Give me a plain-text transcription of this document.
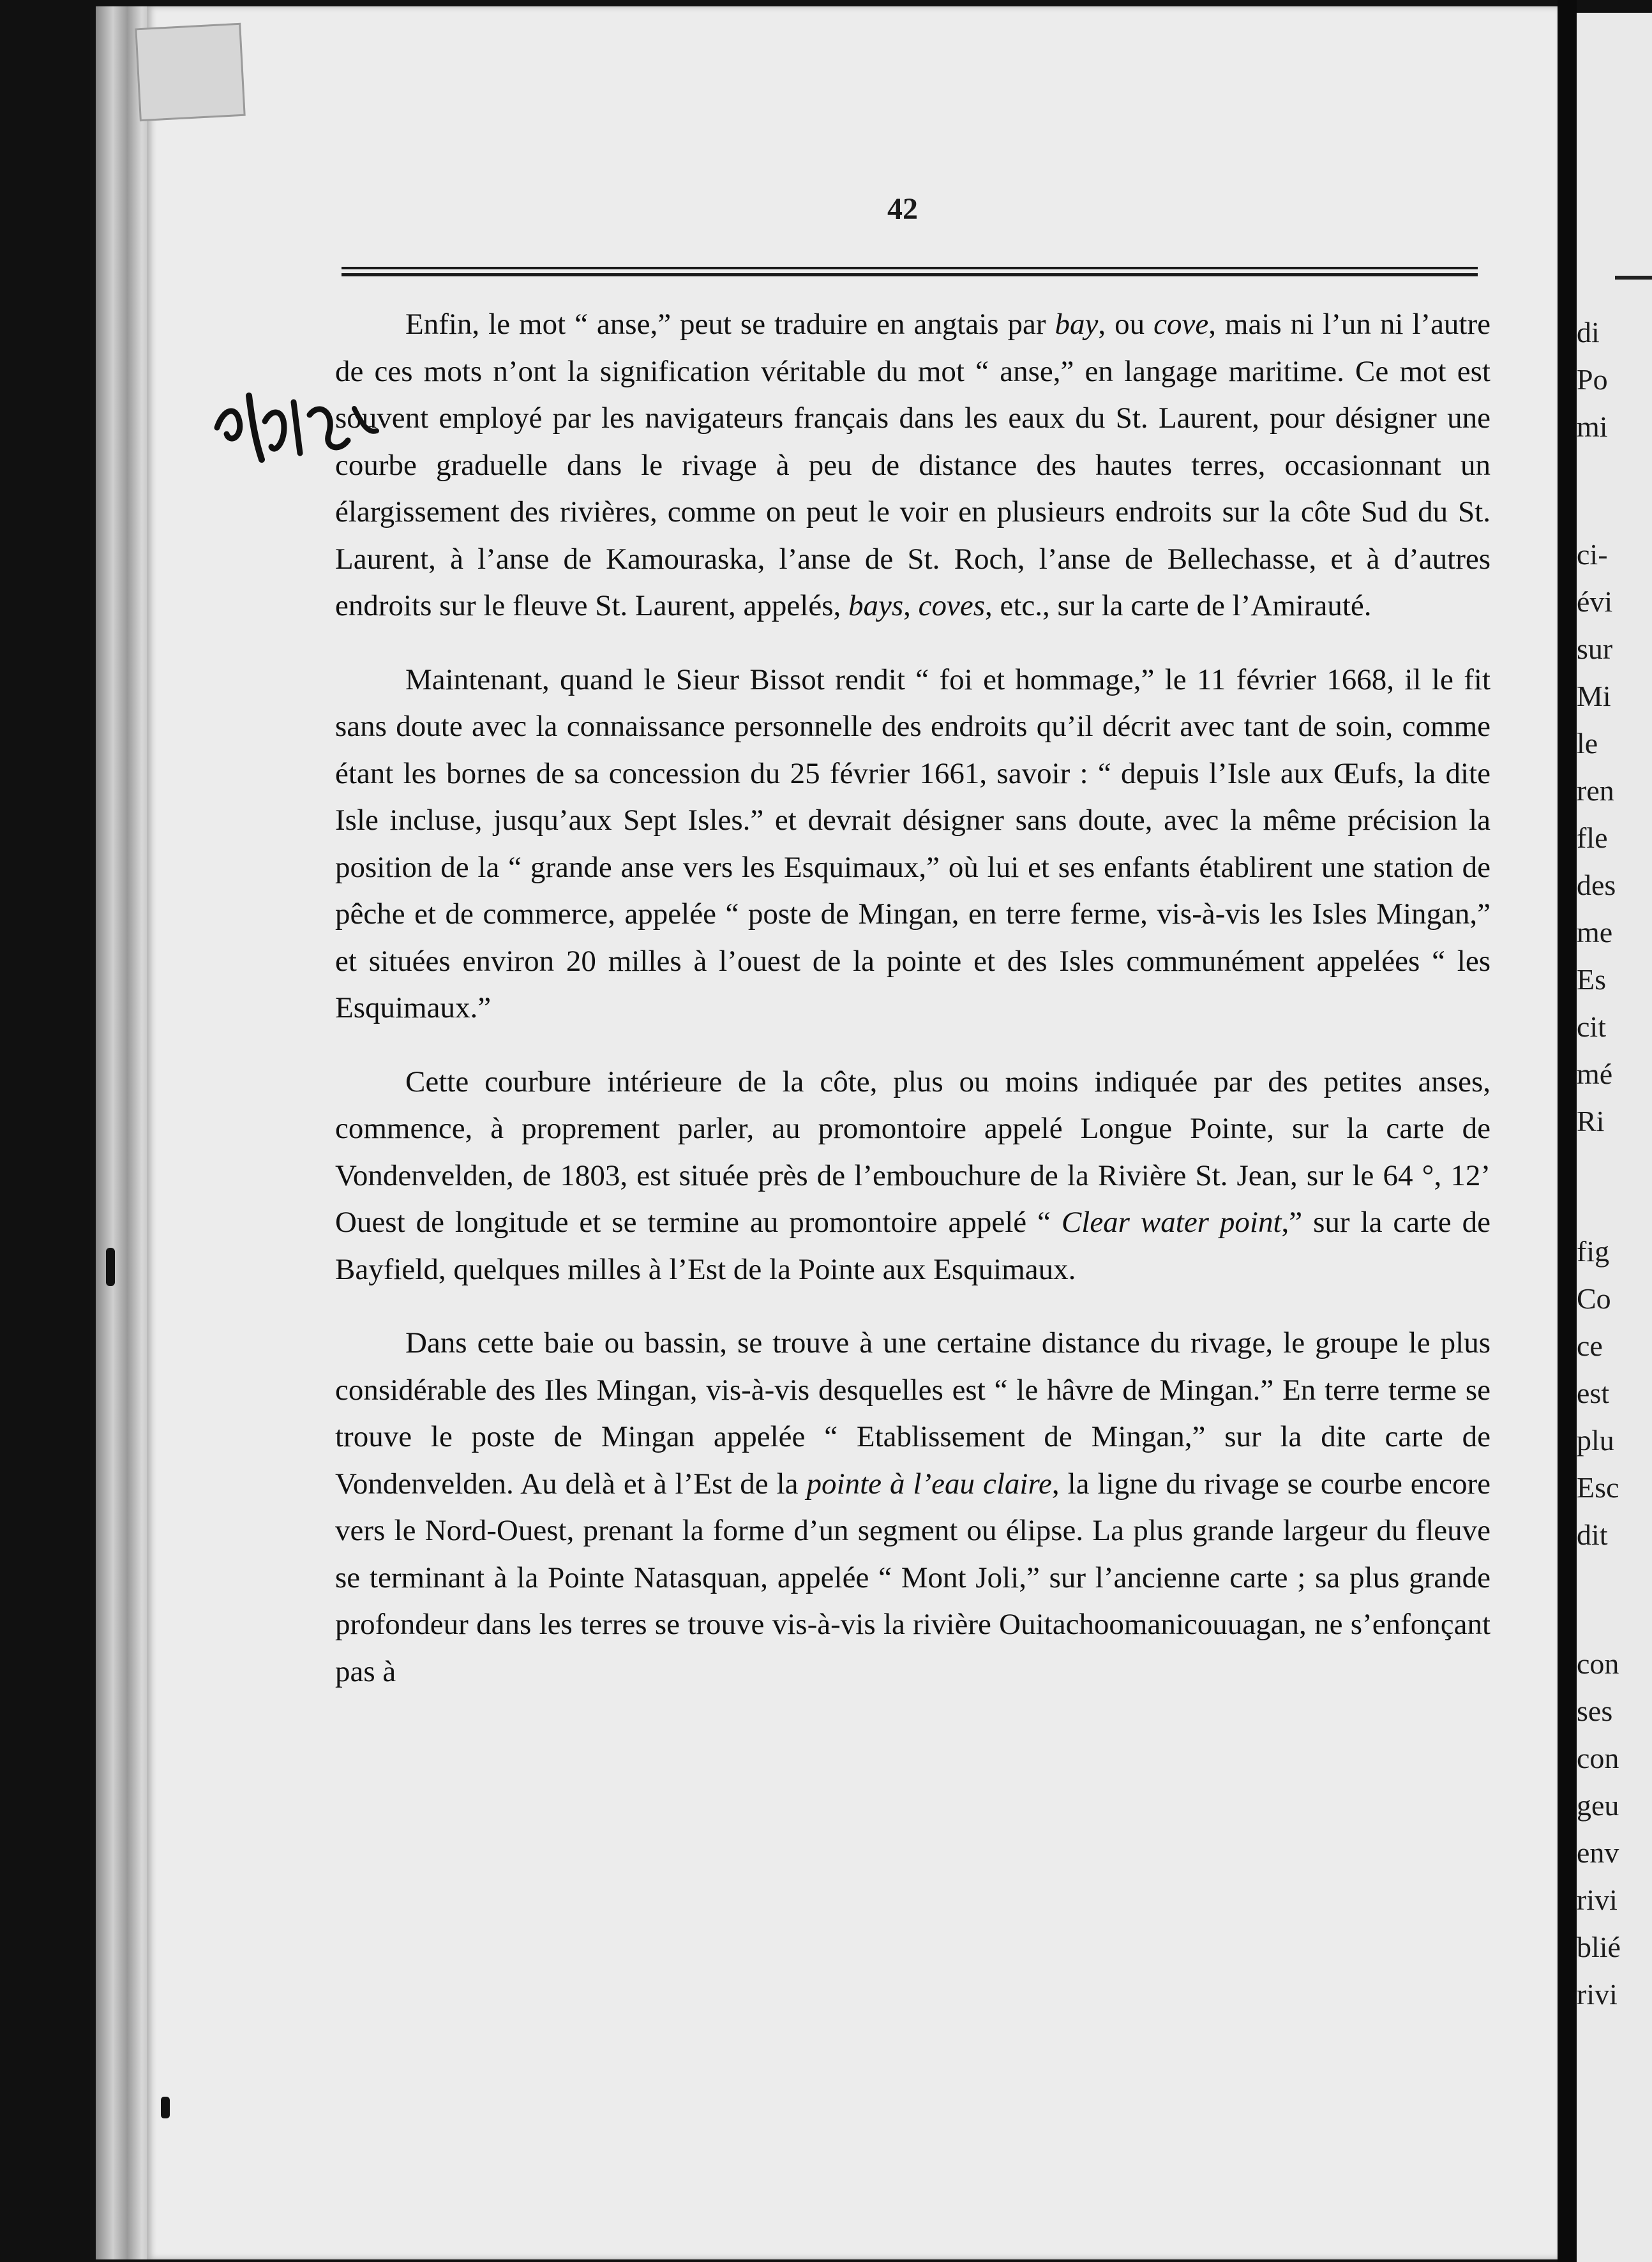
di
Po
mi
ci-
évi
sur
Mi
le
ren
fle
des
me
Es
cit
mé
Ri
fig
Co
ce
est
plu
Esc
dit
con
ses
con
geu
env
rivi
blié
rivi
42

Enfin, le mot “ anse,” peut se traduire en angtais par bay, ou cove, mais ni l’un ni l’autre de ces mots n’ont la signification véritable du mot “ anse,” en langage maritime. Ce mot est souvent employé par les navigateurs français dans les eaux du St. Laurent, pour désigner une courbe graduelle dans le rivage à peu de distance des hautes terres, occasionnant un élargissement des rivières, comme on peut le voir en plusieurs endroits sur la côte Sud du St. Laurent, à l’anse de Kamouraska, l’anse de St. Roch, l’anse de Bellechasse, et à d’autres endroits sur le fleuve St. Laurent, appelés, bays, coves, etc., sur la carte de l’Amirauté.

Maintenant, quand le Sieur Bissot rendit “ foi et hommage,” le 11 février 1668, il le fit sans doute avec la connaissance personnelle des endroits qu’il décrit avec tant de soin, comme étant les bornes de sa concession du 25 février 1661, savoir : “ depuis l’Isle aux Œufs, la dite Isle incluse, jusqu’aux Sept Isles.” et devrait désigner sans doute, avec la même précision la position de la “ grande anse vers les Esquimaux,” où lui et ses enfants établirent une station de pêche et de commerce, appelée “ poste de Mingan, en terre ferme, vis-à-vis les Isles Mingan,” et situées environ 20 milles à l’ouest de la pointe et des Isles communément appelées “ les Esquimaux.”

Cette courbure intérieure de la côte, plus ou moins indiquée par des petites anses, commence, à proprement parler, au promontoire appelé Longue Pointe, sur la carte de Vondenvelden, de 1803, est située près de l’embouchure de la Rivière St. Jean, sur le 64 °, 12’ Ouest de longitude et se termine au promontoire appelé “ Clear water point,” sur la carte de Bayfield, quelques milles à l’Est de la Pointe aux Esquimaux.

Dans cette baie ou bassin, se trouve à une certaine distance du rivage, le groupe le plus considérable des Iles Mingan, vis-à-vis desquelles est “ le hâvre de Mingan.” En terre terme se trouve le poste de Mingan appelée “ Etablissement de Mingan,” sur la dite carte de Vondenvelden. Au delà et à l’Est de la pointe à l’eau claire, la ligne du rivage se courbe encore vers le Nord-Ouest, prenant la forme d’un segment ou élipse. La plus grande largeur du fleuve se terminant à la Pointe Natasquan, appelée “ Mont Joli,” sur l’ancienne carte ; sa plus grande profondeur dans les terres se trouve vis-à-vis la rivière Ouitachoomanicouuagan, ne s’enfonçant pas à
